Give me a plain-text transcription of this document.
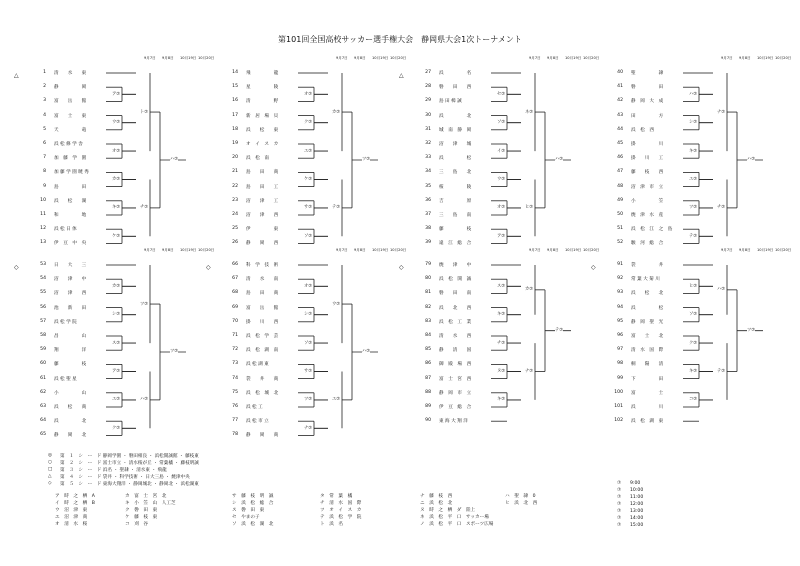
第101回全国高校サッカー選手権大会　静岡県大会1次トーナメント
9月7日 9月8日 10月19日 10月20日
△	1 清　　水　　東
2 静　　　　　岡
3 富　　岳　　館
4 富　　士　　東
5 天　　　　　竜
6 浜 松 修 学 舎
7 加　藤　学　園
8 加 藤 学 園 暁 秀
9 島　　　　　田
10 浜　　松　　湖
11 和　　　　　地
12 浜 松 日 体
13 伊　豆　中　央
ア⑦
ウ⑦
オ⑦
カ⑦
キ⑦
ケ⑦
ト⑦
チ⑦
ハ⑦
9月7日 9月8日 10月19日 10月20日
14 飛　　　　　龍
15 星　　　　　陵
16 清　　　　　野
17 新　居　場　貝
18 浜　　松　　東
19 オ　イ　ス　カ
20 浜　松　南
21 島　　田　　商
22 島　　田　　工
23 沼　　津　　工
24 沼　　津　　西
25 伊　　　　　東
26 静　　岡　　西
オ⑦
ク⑦
エ⑦
ケ⑦
サ⑦
ソ⑦
カ⑦
テ⑦
ツ⑦
9月7日 9月8日 10月19日 10月20日
△	27 浜　　　　　名
28 磐　　田　　西
29 島 田 樟 誠
30 浜　　　　　北
31 城　南　静　岡
32 沼　　津　　城
33 浜　　　　　松
34 三　　島　　北
35 桜　　　　　陵
36 吉　　　　　原
37 三　　島　　南
38 藤　　　　　枝
39 遠　江　総　合
セ⑦
ソ⑦
イ⑦
ウ⑦
オ⑦
ア⑦
ネ⑦
ヒ⑦
ハ⑦
9月7日 9月8日 10月19日 10月20日
40 聖　　　　　隷
41 磐　　　　　田
42 静　岡　大　成
43 田　　　　　方
44 浜　松　西
45 掛　　　　　川
46 掛　　川　　工
47 藤　　枝　　西
48 沼　津　市　立
49 小　　　　　笠
50 焼　津　水　産
51 浜　松　江　之　島
52 駿　河　総　合
ハ⑦
シ⑦
キ⑦
エ⑦
ツ⑦
テ⑦
ナ⑦
チ⑦
ハ⑦
9月7日 9月8日 10月19日 10月20日
◇	53 日　　大　　三
54 沼　　津　　中
55 沼　　津　　西
56 池　　新　　田
57 浜 松 学 院
58 昌　　　　　山
59 翔　　　　　洋
60 藤　　　　　枝
61 浜 松 聖 星
62 小　　　　　山
63 浜　　松　　商
64 浜　　　　　北
65 静　　岡　　北
カ⑦
シ⑦
ス⑦
ア⑦
エ⑦
ク⑦
ツ⑦
ハ⑦
ツ⑦
9月7日 9月8日 10月19日 10月20日
◇	66 科　学　技　術
67 清　　水　　南
68 島　　田　　商
69 富　　岳　　館
70 掛　　川　　西
71 浜　松　学　芸
72 浜　松　湖　南
73 浜 松 湖 東
74 袋　　井　　商
75 浜　松　城　北
76 浜 松 工
77 浜 松 市 立
78 静　　岡　　商
オ⑦
シ⑦
ソ⑦
サ⑦
ツ⑦
ナ⑦
ウ⑦
エ⑦
ハ⑦
9月7日 9月8日 10月19日 10月20日
◇	79 焼　　津　　中
80 浜　松　開　誠
81 磐　　田　　南
82 浜　　北　　西
83 浜　松　工　業
84 清　　水　　西
85 静　　清　　国
86 御　殿　場　西
87 富　士　宮　西
88 静　岡　市　立
89 伊　豆　総　合
90 東 海 大 翔 洋
ス⑦
キ⑦
チ⑦
ヌ⑦
キ⑦
カ⑦
ナ⑦
テ⑦
9月7日 9月8日 10月19日 10月20日
◇	91 袋　　　　　井
92 常 葉 大 菊 川
93 浜　　松　　北
94 浜　　　　　松
95 静　岡　聖　光
96 富　　士　　北
97 清　水　国　際
98 桐　　陽　　清
99 下　　　　　田
100 富　　　　　士
101 浜　　　　　川
102 浜　松　湖　東
ヒ⑦
ソ⑦
ク⑦
キ⑦
コ⑦
ハ⑦
テ⑦
ツ⑦
◎ 第　１　シ　ー　ド 静岡学園 ・ 磐田相良 ・ 浜松開誠館 ・ 藤枝東
○ 第　２　シ　ー　ド 富士市立 ・ 清水桜が丘 ・ 常葉橘 ・ 藤枝明誠
□ 第　３　シ　ー　ド 浜名 ・ 聖隷 ・ 清水東 ・ 飛龍
△ 第　４　シ　ー　ド 袋井 ・ 科学技術 ・ 日大三島 ・ 焼津中央
◇ 第　５　シ　ー　ド 東海大翔洋 ・ 静岡城北 ・ 静岡北 ・ 浜松湖東
ア　時　之　栖　A	カ　富　士　宮　北
イ　時　之　栖　B	キ　小　笠　山　人工芝
ウ　沼　津　東	ク　磐　田　東
エ　沼　津　商	ケ　藤　枝　東
オ　清　水　桜	コ　刈　谷
サ　藤　枝　明　誠	タ　常　葉　橘
シ　浜　松　総　合	チ　清　水　国　際
ス　磐　田　東	ツ　オ　イ　ス　カ
セ　やまの子	テ　浜　松　学　院
ソ　浜　松　湖　北	ト　浜　名
ナ　藤　枝　西	ハ　聖　隷　0
ニ　浜　松　北	ヒ　浜　北　西
ヌ　時　之　栖　ダ　陸上
ネ　浜　松　平　口　サッカー場
ノ　浜　松　平　口　スポーツ広場
⑦ 9:00
⑦ 10:00
⑦ 11:00
⑦ 12:00
⑦ 13:00
⑦ 14:00
⑦ 15:00
